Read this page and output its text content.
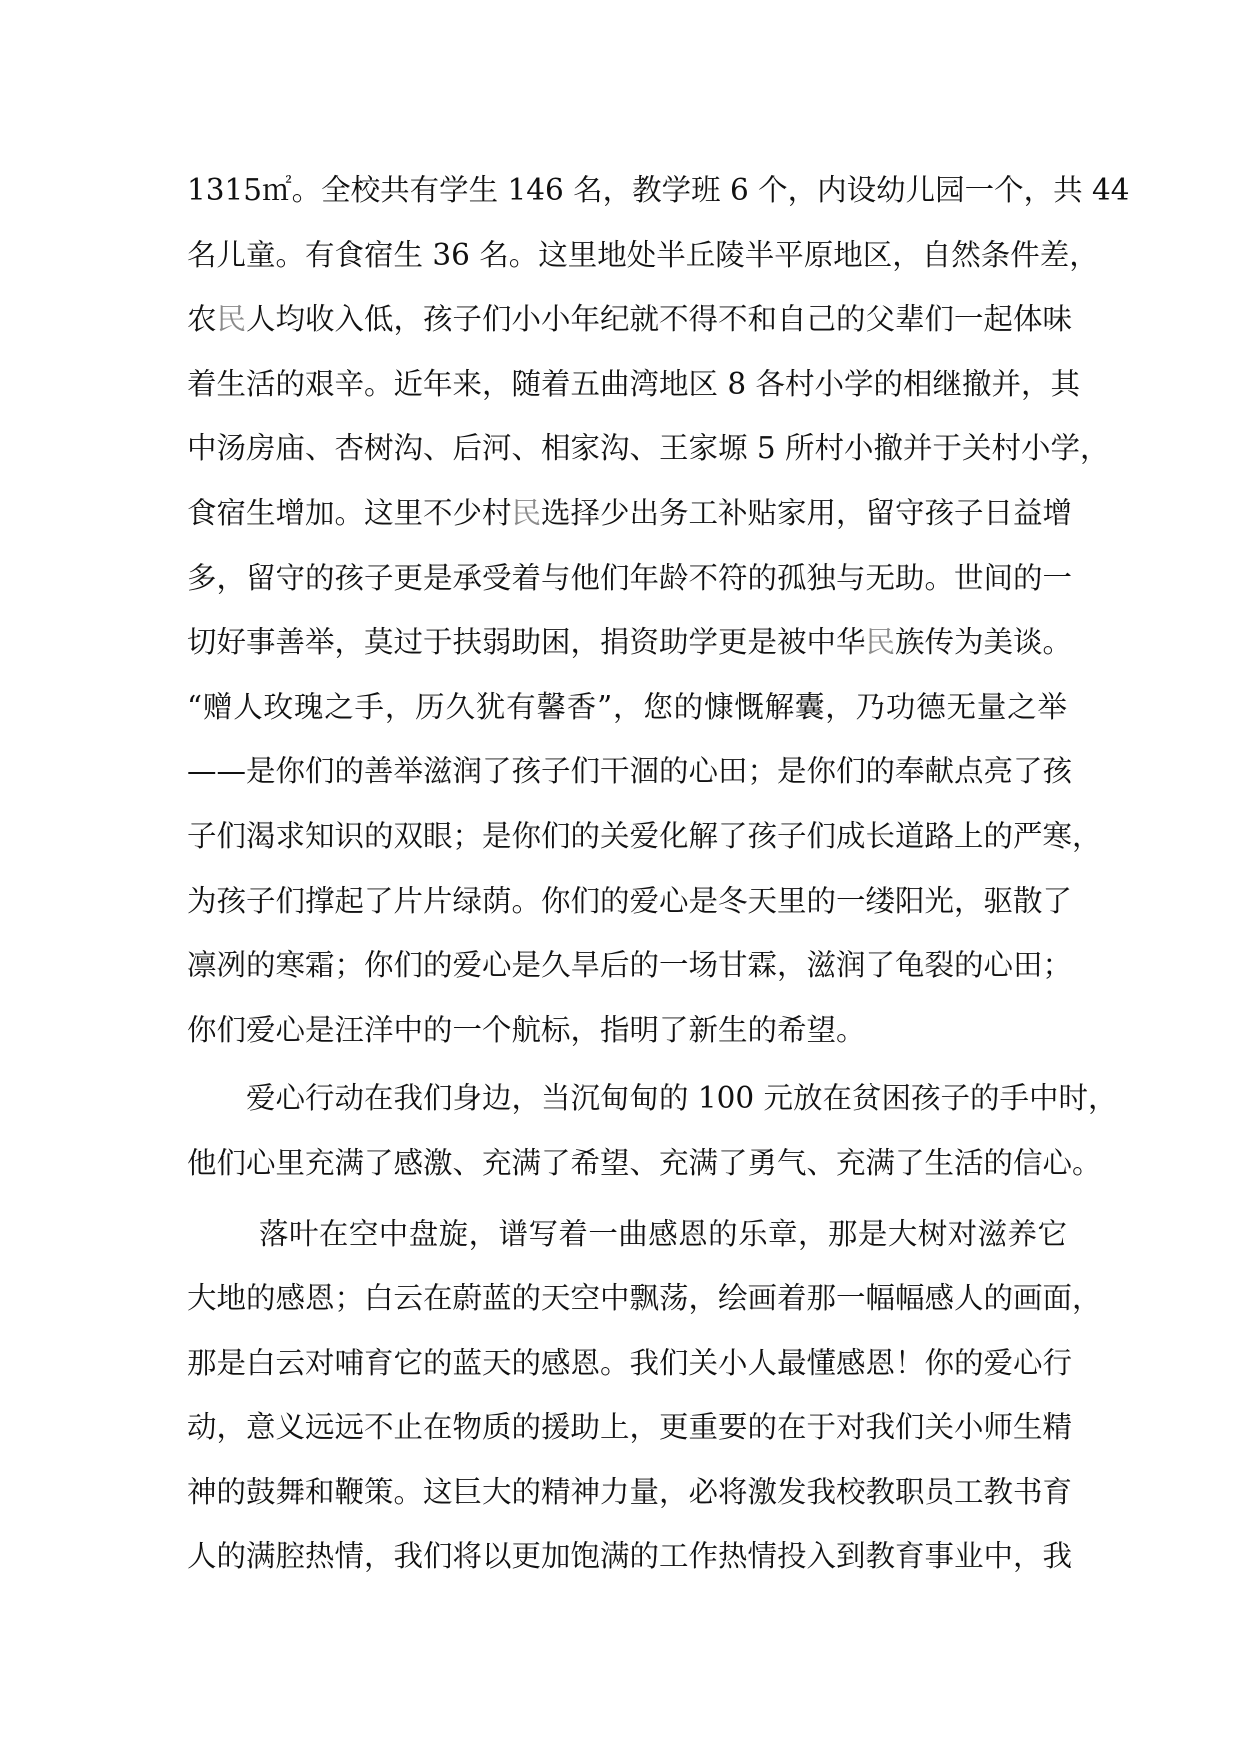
1315㎡。全校共有学生 146 名，教学班 6 个，内设幼儿园一个，共 44
名儿童。有食宿生 36 名。这里地处半丘陵半平原地区，自然条件差，
农民人均收入低，孩子们小小年纪就不得不和自己的父辈们一起体味
着生活的艰辛。近年来，随着五曲湾地区 8 各村小学的相继撤并，其
中汤房庙、杏树沟、后河、相家沟、王家塬 5 所村小撤并于关村小学，
食宿生增加。这里不少村民选择少出务工补贴家用，留守孩子日益增
多，留守的孩子更是承受着与他们年龄不符的孤独与无助。世间的一
切好事善举，莫过于扶弱助困，捐资助学更是被中华民族传为美谈。
“赠人玫瑰之手，历久犹有馨香”，您的慷慨解囊，乃功德无量之举
——是你们的善举滋润了孩子们干涸的心田；是你们的奉献点亮了孩
子们渴求知识的双眼；是你们的关爱化解了孩子们成长道路上的严寒，
为孩子们撑起了片片绿荫。你们的爱心是冬天里的一缕阳光，驱散了
凛冽的寒霜；你们的爱心是久旱后的一场甘霖，滋润了龟裂的心田；
你们爱心是汪洋中的一个航标，指明了新生的希望。
爱心行动在我们身边，当沉甸甸的 100 元放在贫困孩子的手中时，
他们心里充满了感激、充满了希望、充满了勇气、充满了生活的信心。
落叶在空中盘旋，谱写着一曲感恩的乐章，那是大树对滋养它
大地的感恩；白云在蔚蓝的天空中飘荡，绘画着那一幅幅感人的画面，
那是白云对哺育它的蓝天的感恩。我们关小人最懂感恩！你的爱心行
动，意义远远不止在物质的援助上，更重要的在于对我们关小师生精
神的鼓舞和鞭策。这巨大的精神力量，必将激发我校教职员工教书育
人的满腔热情，我们将以更加饱满的工作热情投入到教育事业中，我
